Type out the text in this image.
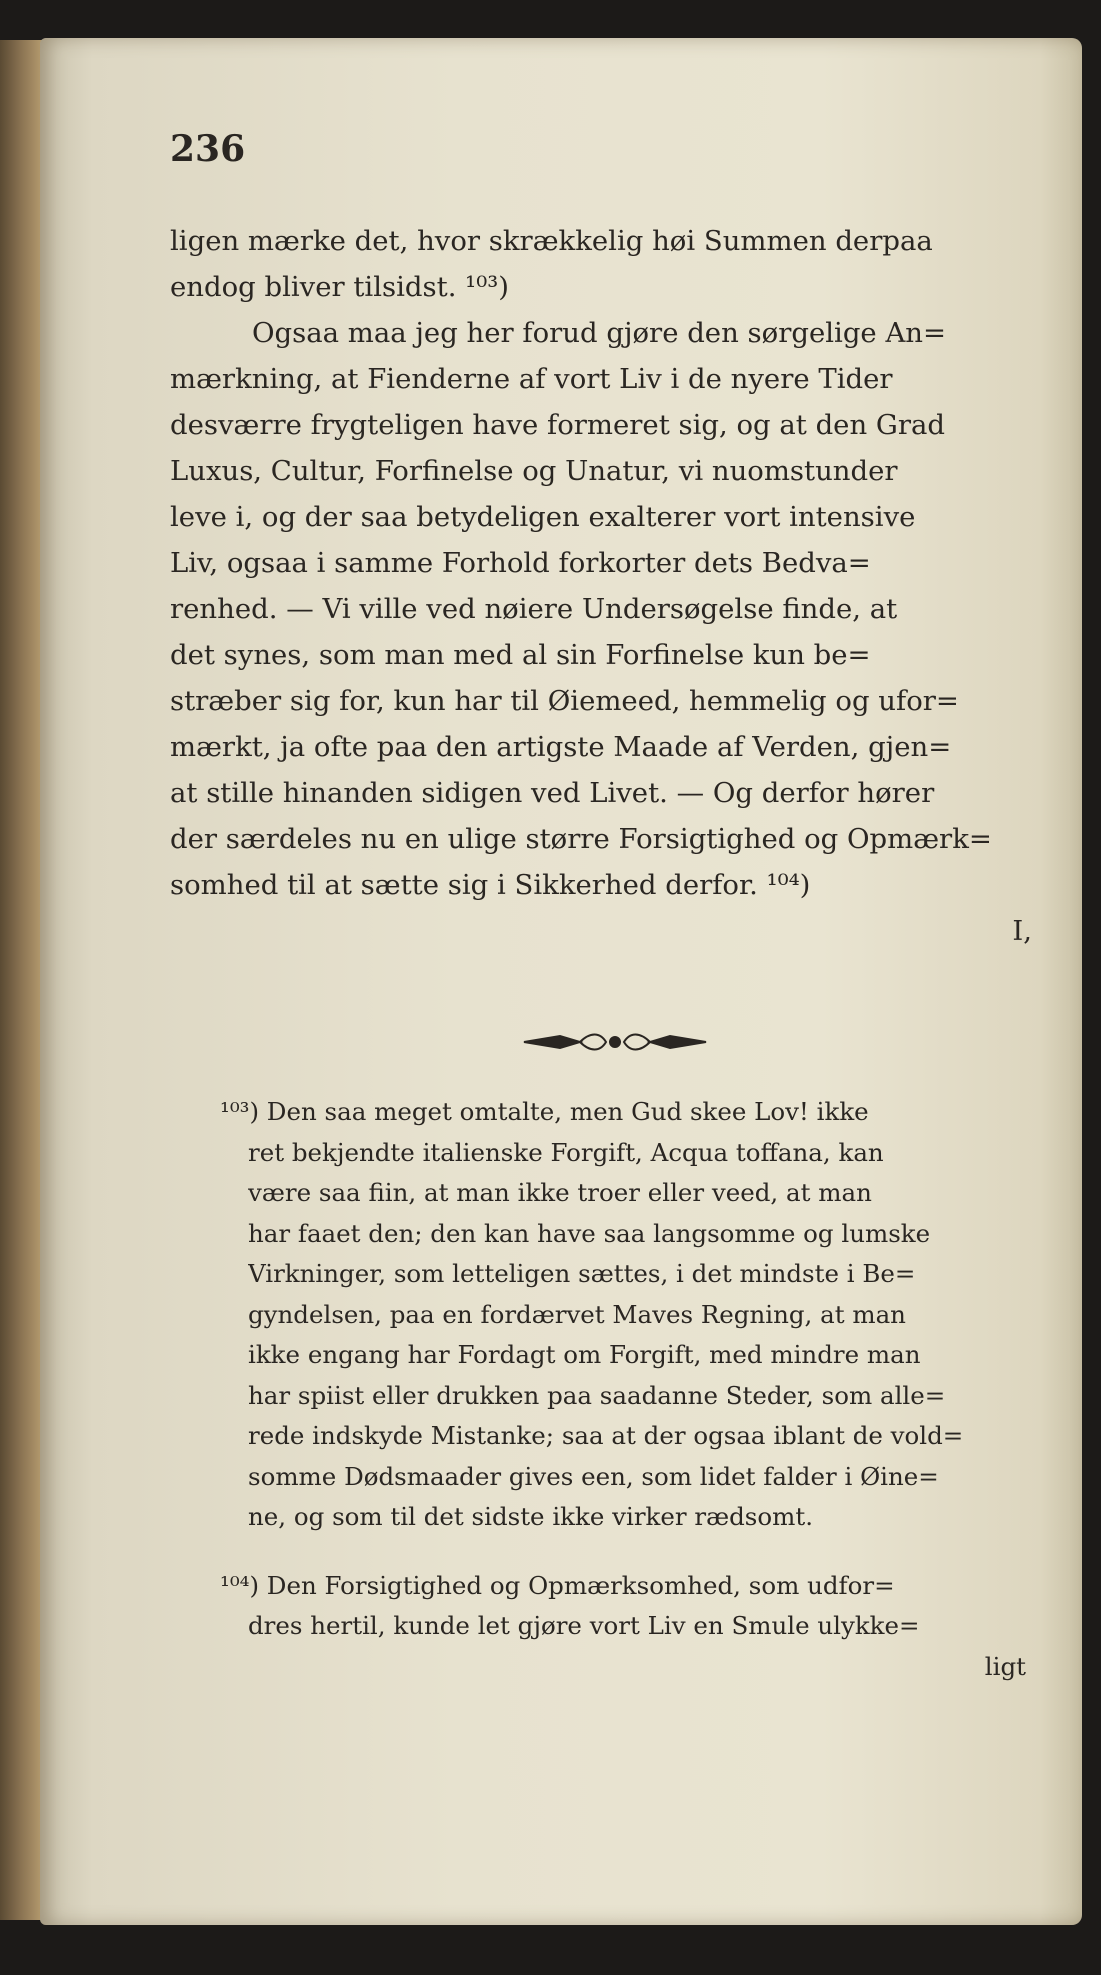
236
ligen mærke det, hvor skrækkelig høi Summen derpaa
endog bliver tilsidst. ¹⁰³)
Ogsaa maa jeg her forud gjøre den sørgelige An=
mærkning, at Fienderne af vort Liv i de nyere Tider
desværre frygteligen have formeret sig, og at den Grad
Luxus, Cultur, Forfinelse og Unatur, vi nuomstunder
leve i, og der saa betydeligen exalterer vort intensive
Liv, ogsaa i samme Forhold forkorter dets Bedva=
renhed. — Vi ville ved nøiere Undersøgelse finde, at
det synes, som man med al sin Forfinelse kun be=
stræber sig for, kun har til Øiemeed, hemmelig og ufor=
mærkt, ja ofte paa den artigste Maade af Verden, gjen=
at stille hinanden sidigen ved Livet. — Og derfor hører
der særdeles nu en ulige større Forsigtighed og Opmærk=
somhed til at sætte sig i Sikkerhed derfor. ¹⁰⁴)
I,
¹⁰³) Den saa meget omtalte, men Gud skee Lov! ikke
ret bekjendte italienske Forgift, Acqua toffana, kan
være saa fiin, at man ikke troer eller veed, at man
har faaet den; den kan have saa langsomme og lumske
Virkninger, som letteligen sættes, i det mindste i Be=
gyndelsen, paa en fordærvet Maves Regning, at man
ikke engang har Fordagt om Forgift, med mindre man
har spiist eller drukken paa saadanne Steder, som alle=
rede indskyde Mistanke; saa at der ogsaa iblant de vold=
somme Dødsmaader gives een, som lidet falder i Øine=
ne, og som til det sidste ikke virker rædsomt.
¹⁰⁴) Den Forsigtighed og Opmærksomhed, som udfor=
dres hertil, kunde let gjøre vort Liv en Smule ulykke=
ligt
